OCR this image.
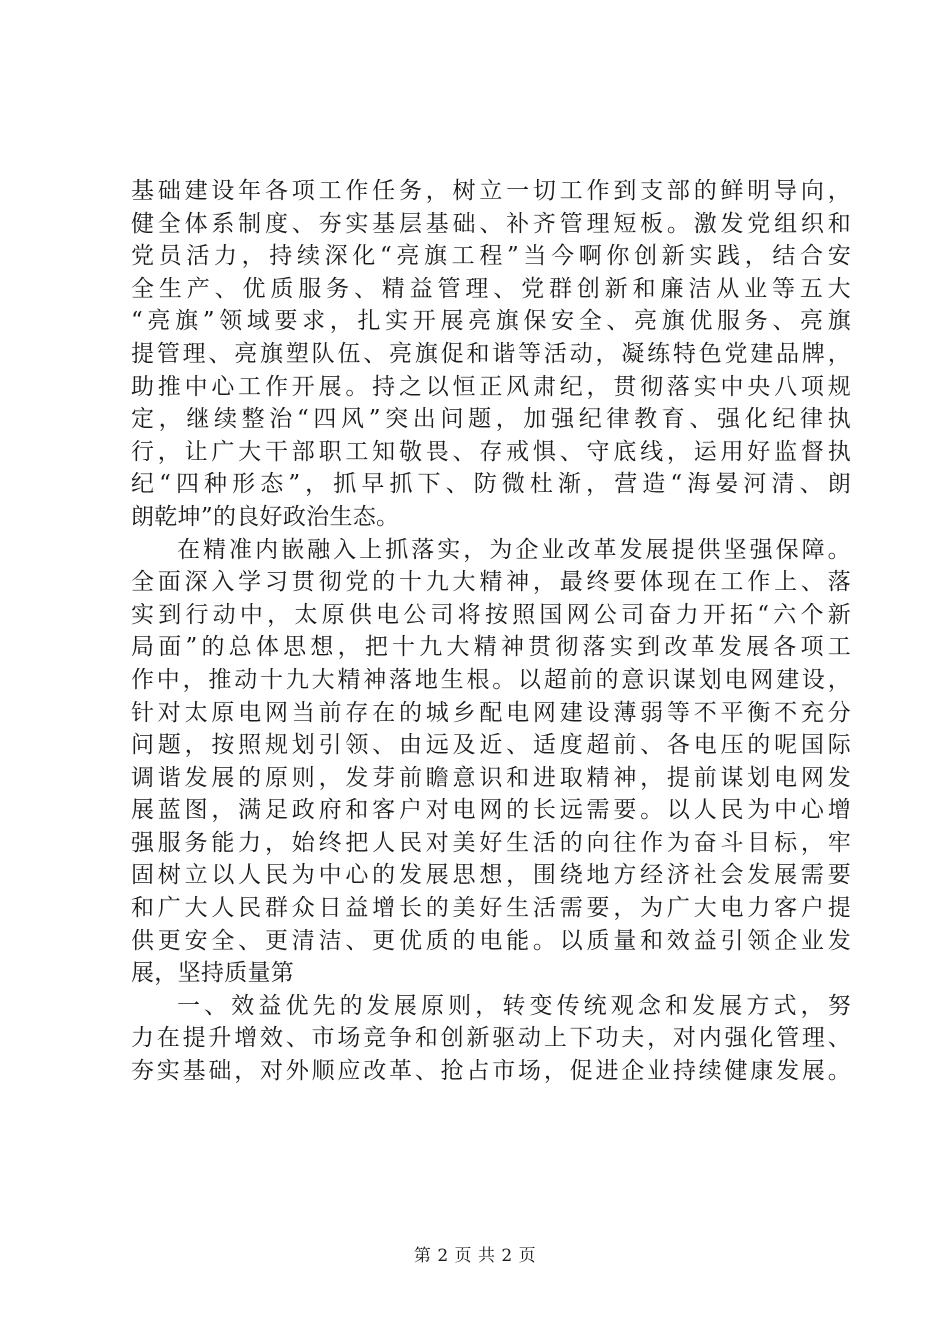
基础建设年各项工作任务，树立一切工作到支部的鲜明导向，
健全体系制度、夯实基层基础、补齐管理短板。激发党组织和
党员活力，持续深化“亮旗工程”当今啊你创新实践，结合安
全生产、优质服务、精益管理、党群创新和廉洁从业等五大
“亮旗”领域要求，扎实开展亮旗保安全、亮旗优服务、亮旗
提管理、亮旗塑队伍、亮旗促和谐等活动，凝练特色党建品牌，
助推中心工作开展。持之以恒正风肃纪，贯彻落实中央八项规
定，继续整治“四风”突出问题，加强纪律教育、强化纪律执
行，让广大干部职工知敬畏、存戒惧、守底线，运用好监督执
纪“四种形态”，抓早抓下、防微杜渐，营造“海晏河清、朗
朗乾坤”的良好政治生态。
在精准内嵌融入上抓落实，为企业改革发展提供坚强保障。
全面深入学习贯彻党的十九大精神，最终要体现在工作上、落
实到行动中，太原供电公司将按照国网公司奋力开拓“六个新
局面”的总体思想，把十九大精神贯彻落实到改革发展各项工
作中，推动十九大精神落地生根。以超前的意识谋划电网建设，
针对太原电网当前存在的城乡配电网建设薄弱等不平衡不充分
问题，按照规划引领、由远及近、适度超前、各电压的呢国际
调谐发展的原则，发芽前瞻意识和进取精神，提前谋划电网发
展蓝图，满足政府和客户对电网的长远需要。以人民为中心增
强服务能力，始终把人民对美好生活的向往作为奋斗目标，牢
固树立以人民为中心的发展思想，围绕地方经济社会发展需要
和广大人民群众日益增长的美好生活需要，为广大电力客户提
供更安全、更清洁、更优质的电能。以质量和效益引领企业发
展，坚持质量第
一、效益优先的发展原则，转变传统观念和发展方式，努
力在提升增效、市场竞争和创新驱动上下功夫，对内强化管理、
夯实基础，对外顺应改革、抢占市场，促进企业持续健康发展。
第 2 页 共 2 页
